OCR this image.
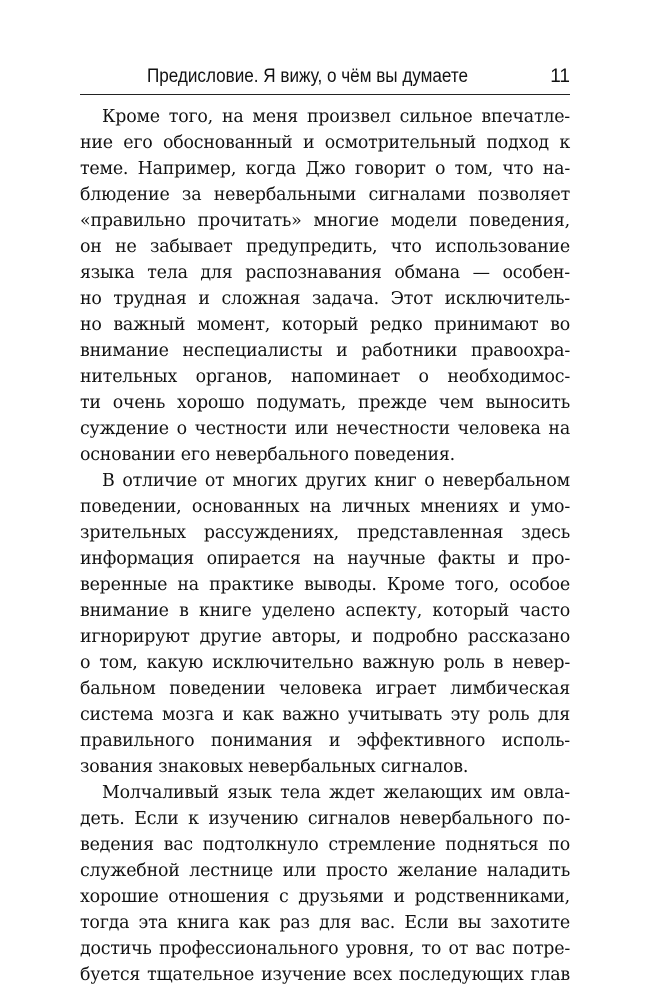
Предисловие. Я вижу, о чём вы думаете	11
Кроме того, на меня произвел сильное впечатле-
ние его обоснованный и осмотрительный подход к
теме. Например, когда Джо говорит о том, что на-
блюдение за невербальными сигналами позволяет
«правильно прочитать» многие модели поведения,
он не забывает предупредить, что использование
языка тела для распознавания обмана — особен-
но трудная и сложная задача. Этот исключитель-
но важный момент, который редко принимают во
внимание неспециалисты и работники правоохра-
нительных органов, напоминает о необходимос-
ти очень хорошо подумать, прежде чем выносить
суждение о честности или нечестности человека на
основании его невербального поведения.
В отличие от многих других книг о невербальном
поведении, основанных на личных мнениях и умо-
зрительных рассуждениях, представленная здесь
информация опирается на научные факты и про-
веренные на практике выводы. Кроме того, особое
внимание в книге уделено аспекту, который часто
игнорируют другие авторы, и подробно рассказано
о том, какую исключительно важную роль в невер-
бальном поведении человека играет лимбическая
система мозга и как важно учитывать эту роль для
правильного понимания и эффективного исполь-
зования знаковых невербальных сигналов.
Молчаливый язык тела ждет желающих им овла-
деть. Если к изучению сигналов невербального по-
ведения вас подтолкнуло стремление подняться по
служебной лестнице или просто желание наладить
хорошие отношения с друзьями и родственниками,
тогда эта книга как раз для вас. Если вы захотите
достичь профессионального уровня, то от вас потре-
буется тщательное изучение всех последующих глав
